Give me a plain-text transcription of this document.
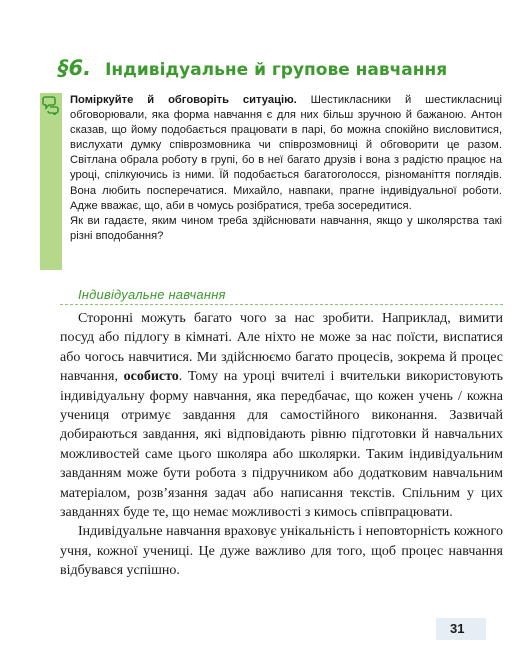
§6. Індивідуальне й групове навчання

Поміркуйте й обговоріть ситуацію. Шестикласники й шестикласниці обговорювали, яка форма навчання є для них більш зручною й бажаною. Антон сказав, що йому подобається працювати в парі, бо можна спокійно висловитися, вислухати думку співрозмовника чи співрозмовниці й обговорити це разом. Світлана обрала роботу в групі, бо в неї багато друзів і вона з радістю працює на уроці, спілкуючись із ними. Їй подобається багатоголосся, різноманіття поглядів. Вона любить посперечатися. Михайло, навпаки, прагне індивідуальної роботи. Адже вважає, що, аби в чомусь розібратися, треба зосередитися.

Як ви гадаєте, яким чином треба здійснювати навчання, якщо у школярства такі різні вподобання?

Індивідуальне навчання

Сторонні можуть багато чого за нас зробити. Наприклад, вимити посуд або підлогу в кімнаті. Але ніхто не може за нас поїсти, виспатися або чогось навчитися. Ми здійснюємо багато процесів, зокрема й процес навчання, особисто. Тому на уроці вчителі і вчительки використовують індивідуальну форму навчання, яка передбачає, що кожен учень / кожна учениця отримує завдання для самостійного виконання. Зазвичай добираються завдання, які відповідають рівню підготовки й навчальних можливостей саме цього школяра або школярки. Таким індивідуальним завданням може бути робота з підручником або додатковим навчальним матеріалом, розв’язання задач або написання текстів. Спільним у цих завданнях буде те, що немає можливості з кимось співпрацювати.

Індивідуальне навчання враховує унікальність і неповторність кожного учня, кожної учениці. Це дуже важливо для того, щоб процес навчання відбувався успішно.

31
